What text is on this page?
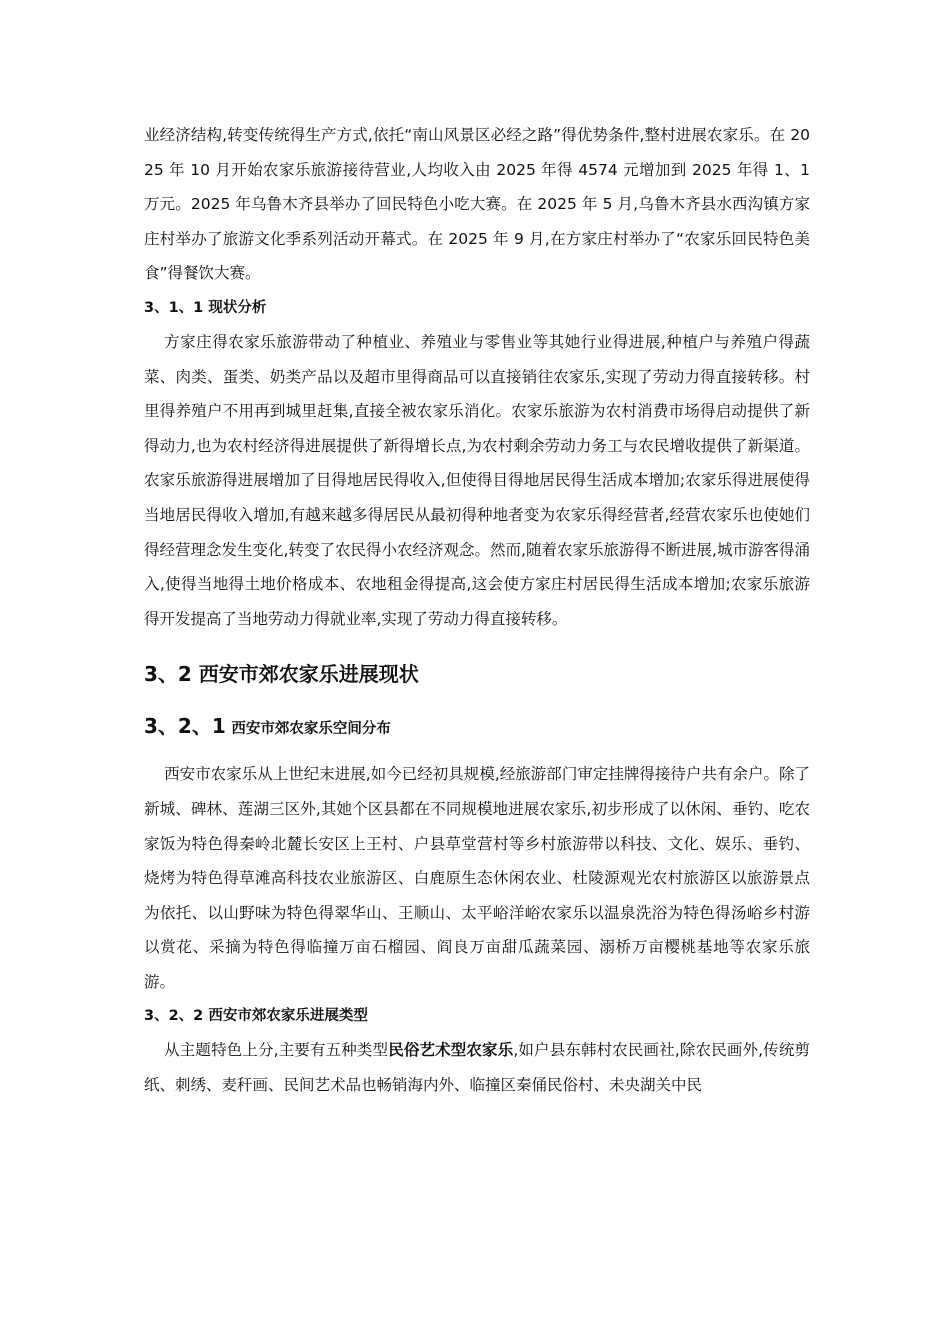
业经济结构,转变传统得生产方式,依托“南山风景区必经之路”得优势条件,整村进展农家乐。在 2025 年 10 月开始农家乐旅游接待营业,人均收入由 2025 年得 4574 元增加到 2025 年得 1、1 万元。2025 年乌鲁木齐县举办了回民特色小吃大赛。在 2025 年 5 月,乌鲁木齐县水西沟镇方家庄村举办了旅游文化季系列活动开幕式。在 2025 年 9 月,在方家庄村举办了“农家乐回民特色美食”得餐饮大赛。

3、1、1 现状分析

方家庄得农家乐旅游带动了种植业、养殖业与零售业等其她行业得进展,种植户与养殖户得蔬菜、肉类、蛋类、奶类产品以及超市里得商品可以直接销往农家乐,实现了劳动力得直接转移。村里得养殖户不用再到城里赶集,直接全被农家乐消化。农家乐旅游为农村消费市场得启动提供了新得动力,也为农村经济得进展提供了新得增长点,为农村剩余劳动力务工与农民增收提供了新渠道。农家乐旅游得进展增加了目得地居民得收入,但使得目得地居民得生活成本增加;农家乐得进展使得当地居民得收入增加,有越来越多得居民从最初得种地者变为农家乐得经营者,经营农家乐也使她们得经营理念发生变化,转变了农民得小农经济观念。然而,随着农家乐旅游得不断进展,城市游客得涌入,使得当地得土地价格成本、农地租金得提高,这会使方家庄村居民得生活成本增加;农家乐旅游得开发提高了当地劳动力得就业率,实现了劳动力得直接转移。

3、2 西安市郊农家乐进展现状

3、2、1 西安市郊农家乐空间分布

西安市农家乐从上世纪末进展,如今已经初具规模,经旅游部门审定挂牌得接待户共有余户。除了新城、碑林、莲湖三区外,其她个区县都在不同规模地进展农家乐,初步形成了以休闲、垂钓、吃农家饭为特色得秦岭北麓长安区上王村、户县草堂营村等乡村旅游带以科技、文化、娱乐、垂钓、烧烤为特色得草滩高科技农业旅游区、白鹿原生态休闲农业、杜陵源观光农村旅游区以旅游景点为依托、以山野味为特色得翠华山、王顺山、太平峪洋峪农家乐以温泉洗浴为特色得汤峪乡村游以赏花、采摘为特色得临撞万亩石榴园、阎良万亩甜瓜蔬菜园、溺桥万亩樱桃基地等农家乐旅游。

3、2、2 西安市郊农家乐进展类型

从主题特色上分,主要有五种类型民俗艺术型农家乐,如户县东韩村农民画社,除农民画外,传统剪纸、刺绣、麦秆画、民间艺术品也畅销海内外、临撞区秦俑民俗村、未央湖关中民
